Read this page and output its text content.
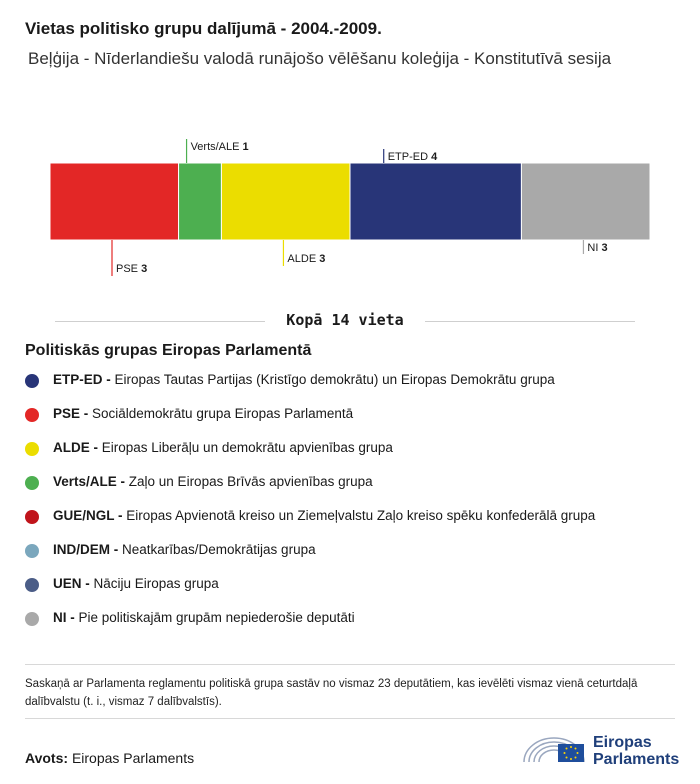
Vietas politisko grupu dalījumā - 2004.-2009.
Beļģija - Nīderlandiešu valodā runājošo vēlēšanu koleģija - Konstitutīvā sesija
PSE 3
Verts/ALE 1
ALDE 3
ETP-ED 4
NI 3
Kopā 14 vieta
Politiskās grupas Eiropas Parlamentā
ETP-ED - Eiropas Tautas Partijas (Kristīgo demokrātu) un Eiropas Demokrātu grupa
PSE - Sociāldemokrātu grupa Eiropas Parlamentā
ALDE - Eiropas Liberāļu un demokrātu apvienības grupa
Verts/ALE - Zaļo un Eiropas Brīvās apvienības grupa
GUE/NGL - Eiropas Apvienotā kreiso un Ziemeļvalstu Zaļo kreiso spēku konfederālā grupa
IND/DEM - Neatkarības/Demokrātijas grupa
UEN - Nāciju Eiropas grupa
NI - Pie politiskajām grupām nepiederošie deputāti
Saskaņā ar Parlamenta reglamentu politiskā grupa sastāv no vismaz 23 deputātiem, kas ievēlēti vismaz vienā ceturtdaļā dalībvalstu (t. i., vismaz 7 dalībvalstīs).
Avots: Eiropas Parlaments
Eiropas
Parlaments
